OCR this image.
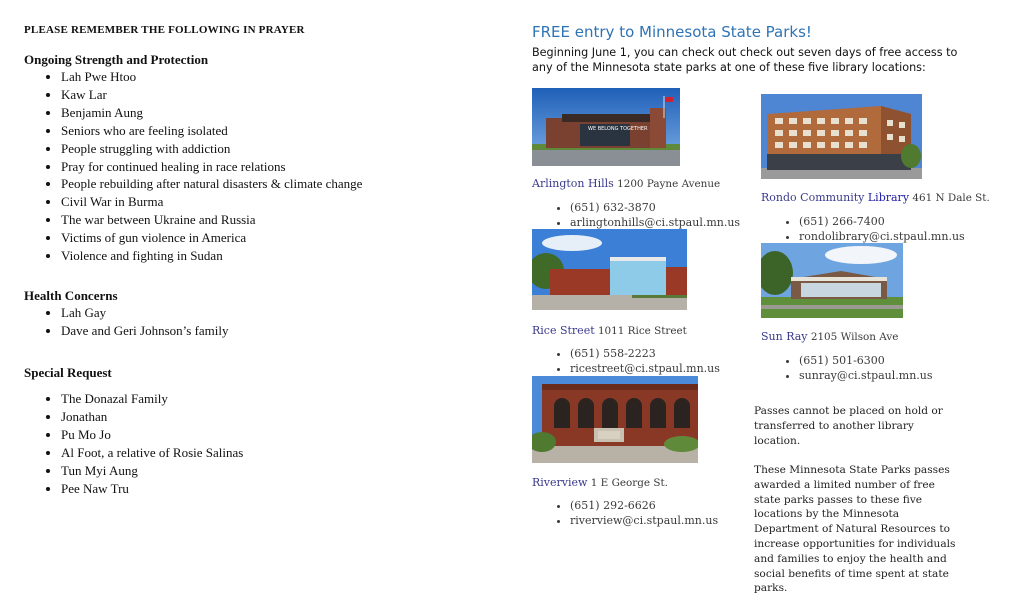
PLEASE REMEMBER THE FOLLOWING IN PRAYER
Ongoing Strength and Protection
• Lah Pwe Htoo
• Kaw Lar
• Benjamin Aung
• Seniors who are feeling isolated
• People struggling with addiction
• Pray for continued healing in race relations
• People rebuilding after natural disasters & climate change
• Civil War in Burma
• The war between Ukraine and Russia
• Victims of gun violence in America
• Violence and fighting in Sudan
Health Concerns
• Lah Gay
• Dave and Geri Johnson’s family
Special Request
• The Donazal Family
• Jonathan
• Pu Mo Jo
• Al Foot, a relative of Rosie Salinas
• Tun Myi Aung
• Pee Naw Tru
FREE entry to Minnesota State Parks!
Beginning June 1, you can check out check out seven days of free access to any of the Minnesota state parks at one of these five library locations:
WE BELONG TOGETHER
Arlington Hills 1200 Payne Avenue
• (651) 632-3870
• arlingtonhills@ci.stpaul.mn.us
Rondo Community Library 461 N Dale St.
• (651) 266-7400
• rondolibrary@ci.stpaul.mn.us
Rice Street 1011 Rice Street
• (651) 558-2223
• ricestreet@ci.stpaul.mn.us
Sun Ray 2105 Wilson Ave
• (651) 501-6300
• sunray@ci.stpaul.mn.us
Riverview 1 E George St.
• (651) 292-6626
• riverview@ci.stpaul.mn.us
Passes cannot be placed on hold or transferred to another library location.
These Minnesota State Parks passes awarded a limited number of free state parks passes to these five locations by the Minnesota Department of Natural Resources to increase opportunities for individuals and families to enjoy the health and social benefits of time spent at state parks.
